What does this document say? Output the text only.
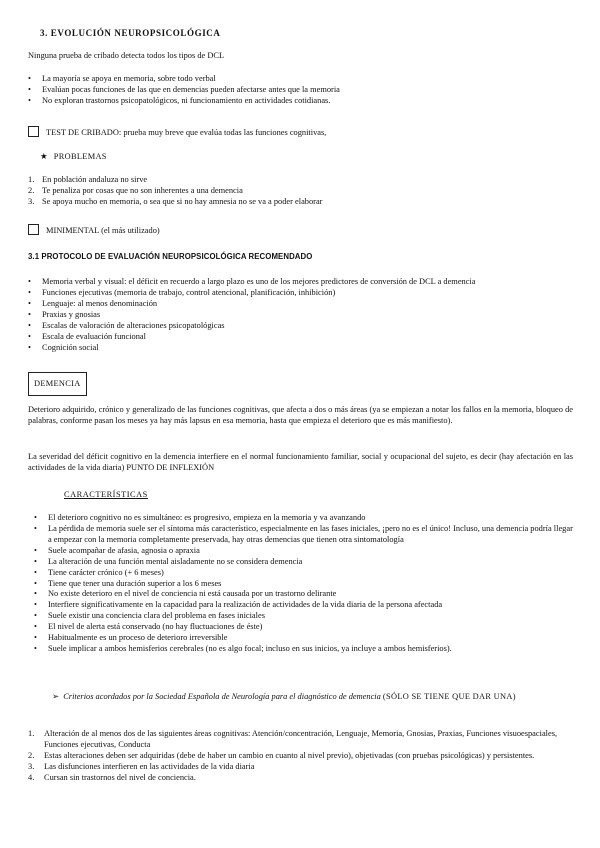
3. EVOLUCIÓN NEUROPSICOLÓGICA
Ninguna prueba de cribado detecta todos los tipos de DCL
•
La mayoría se apoya en memoria, sobre todo verbal
•
Evalúan pocas funciones de las que en demencias pueden afectarse antes que la memoria
•
No exploran trastornos psicopatológicos, ni funcionamiento en actividades cotidianas.
TEST DE CRIBADO: prueba muy breve que evalúa todas las funciones cognitivas,
★ PROBLEMAS
1. En población andaluza no sirve
2. Te penaliza por cosas que no son inherentes a una demencia
3. Se apoya mucho en memoria, o sea que si no hay amnesia no se va a poder elaborar
MINIMENTAL (el más utilizado)
3.1 PROTOCOLO DE EVALUACIÓN NEUROPSICOLÓGICA RECOMENDADO
•
Memoria verbal y visual: el déficit en recuerdo a largo plazo es uno de los mejores predictores de conversión de DCL a demencia
•
Funciones ejecutivas (memoria de trabajo, control atencional, planificación, inhibición)
•
Lenguaje: al menos denominación
•
Praxias y gnosias
•
Escalas de valoración de alteraciones psicopatológicas
•
Escala de evaluación funcional
•
Cognición social
DEMENCIA
Deterioro adquirido, crónico y generalizado de las funciones cognitivas, que afecta a dos o más áreas (ya se empiezan a notar los fallos en la memoria, bloqueo de palabras, conforme pasan los meses ya hay más lapsus en esa memoria, hasta que empieza el deterioro que es más manifiesto).
La severidad del déficit cognitivo en la demencia interfiere en el normal funcionamiento familiar, social y ocupacional del sujeto, es decir (hay afectación en las actividades de la vida diaria) PUNTO DE INFLEXIÓN
CARACTERÍSTICAS
•
El deterioro cognitivo no es simultáneo: es progresivo, empieza en la memoria y va avanzando
•
La pérdida de memoria suele ser el síntoma más característico, especialmente en las fases iniciales, ¡pero no es el único! Incluso, una demencia podría llegar a empezar con la memoria completamente preservada, hay otras demencias que tienen otra sintomatología
•
Suele acompañar de afasia, agnosia o apraxia
•
La alteración de una función mental aisladamente no se considera demencia
•
Tiene carácter crónico (+ 6 meses)
•
Tiene que tener una duración superior a los 6 meses
•
No existe deterioro en el nivel de conciencia ni está causada por un trastorno delirante
•
Interfiere significativamente en la capacidad para la realización de actividades de la vida diaria de la persona afectada
•
Suele existir una conciencia clara del problema en fases iniciales
•
El nivel de alerta está conservado (no hay fluctuaciones de éste)
•
Habitualmente es un proceso de deterioro irreversible
•
Suele implicar a ambos hemisferios cerebrales (no es algo focal; incluso en sus inicios, ya incluye a ambos hemisferios).
➢ Criterios acordados por la Sociedad Española de Neurología para el diagnóstico de demencia (SÓLO SE TIENE QUE DAR UNA)
1.	Alteración de al menos dos de las siguientes áreas cognitivas: Atención/concentración, Lenguaje, Memoria, Gnosias, Praxias, Funciones visuoespaciales, Funciones ejecutivas, Conducta
2.	Estas alteraciones deben ser adquiridas (debe de haber un cambio en cuanto al nivel previo), objetivadas (con pruebas psicológicas) y persistentes.
3.	Las disfunciones interfieren en las actividades de la vida diaria
4.	Cursan sin trastornos del nivel de conciencia.
